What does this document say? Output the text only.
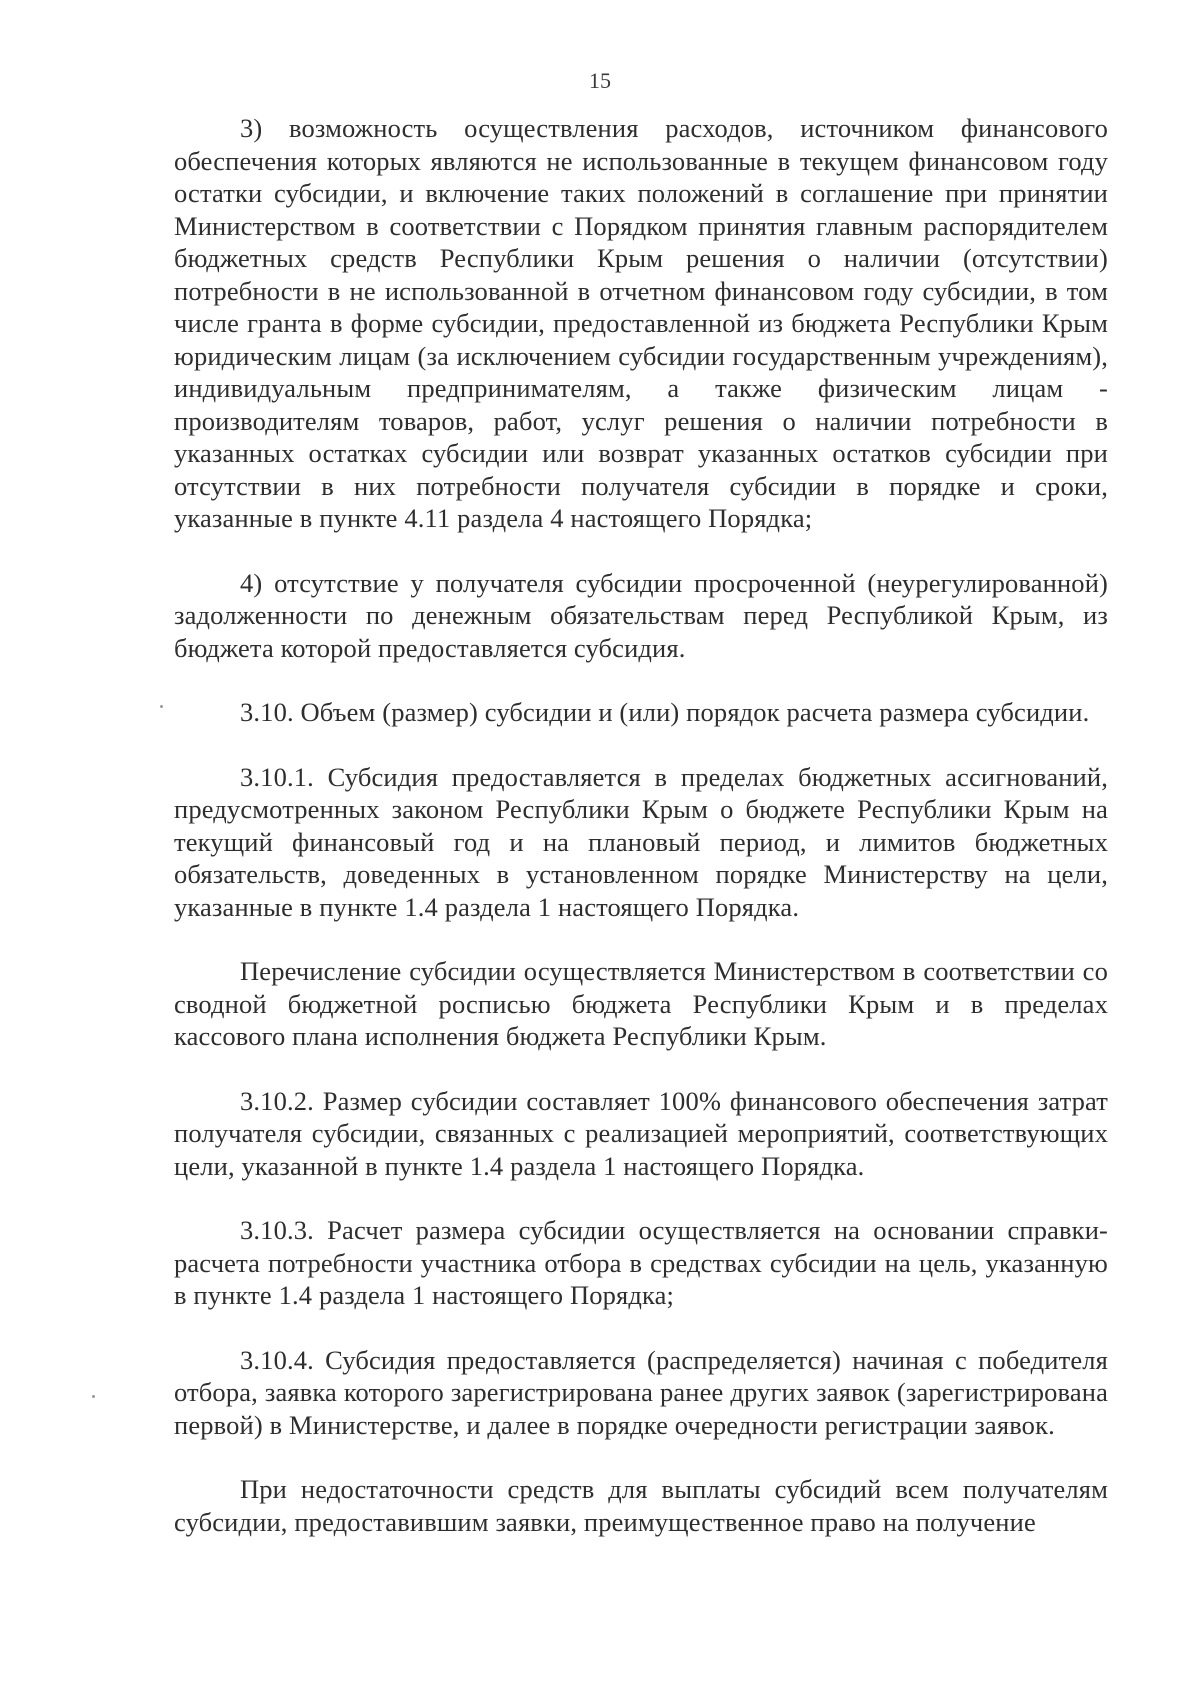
15

3) возможность осуществления расходов, источником финансового обеспечения которых являются не использованные в текущем финансовом году остатки субсидии, и включение таких положений в соглашение при принятии Министерством в соответствии с Порядком принятия главным распорядителем бюджетных средств Республики Крым решения о наличии (отсутствии) потребности в не использованной в отчетном финансовом году субсидии, в том числе гранта в форме субсидии, предоставленной из бюджета Республики Крым юридическим лицам (за исключением субсидии государственным учреждениям), индивидуальным предпринимателям, а также физическим лицам - производителям товаров, работ, услуг решения о наличии потребности в указанных остатках субсидии или возврат указанных остатков субсидии при отсутствии в них потребности получателя субсидии в порядке и сроки, указанные в пункте 4.11 раздела 4 настоящего Порядка;

4) отсутствие у получателя субсидии просроченной (неурегулированной) задолженности по денежным обязательствам перед Республикой Крым, из бюджета которой предоставляется субсидия.

3.10. Объем (размер) субсидии и (или) порядок расчета размера субсидии.

3.10.1. Субсидия предоставляется в пределах бюджетных ассигнований, предусмотренных законом Республики Крым о бюджете Республики Крым на текущий финансовый год и на плановый период, и лимитов бюджетных обязательств, доведенных в установленном порядке Министерству на цели, указанные в пункте 1.4 раздела 1 настоящего Порядка.

Перечисление субсидии осуществляется Министерством в соответствии со сводной бюджетной росписью бюджета Республики Крым и в пределах кассового плана исполнения бюджета Республики Крым.

3.10.2. Размер субсидии составляет 100% финансового обеспечения затрат получателя субсидии, связанных с реализацией мероприятий, соответствующих цели, указанной в пункте 1.4 раздела 1 настоящего Порядка.

3.10.3. Расчет размера субсидии осуществляется на основании справки-расчета потребности участника отбора в средствах субсидии на цель, указанную в пункте 1.4 раздела 1 настоящего Порядка;

3.10.4. Субсидия предоставляется (распределяется) начиная с победителя отбора, заявка которого зарегистрирована ранее других заявок (зарегистрирована первой) в Министерстве, и далее в порядке очередности регистрации заявок.

При недостаточности средств для выплаты субсидий всем получателям субсидии, предоставившим заявки, преимущественное право на получение
